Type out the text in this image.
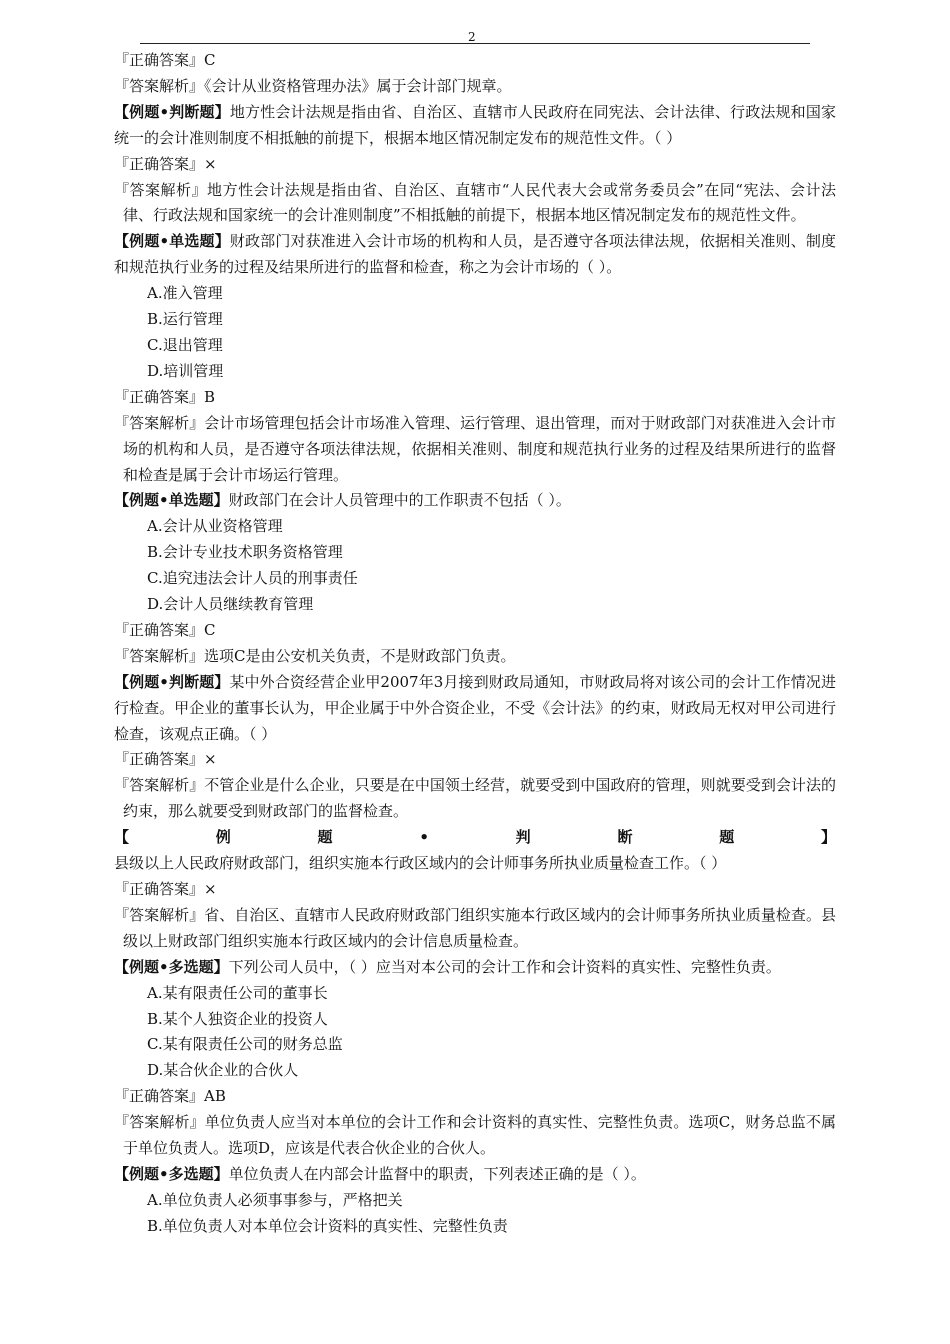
2

『正确答案』C

『答案解析』《会计从业资格管理办法》属于会计部门规章。

【例题•判断题】地方性会计法规是指由省、自治区、直辖市人民政府在同宪法、会计法律、行政法规和国家统一的会计准则制度不相抵触的前提下，根据本地区情况制定发布的规范性文件。（ ）

『正确答案』×

『答案解析』地方性会计法规是指由省、自治区、直辖市“人民代表大会或常务委员会”在同“宪法、会计法律、行政法规和国家统一的会计准则制度”不相抵触的前提下，根据本地区情况制定发布的规范性文件。

【例题•单选题】财政部门对获准进入会计市场的机构和人员，是否遵守各项法律法规，依据相关准则、制度和规范执行业务的过程及结果所进行的监督和检查，称之为会计市场的（ ）。

A.准入管理

B.运行管理

C.退出管理

D.培训管理

『正确答案』B

『答案解析』会计市场管理包括会计市场准入管理、运行管理、退出管理，而对于财政部门对获准进入会计市场的机构和人员，是否遵守各项法律法规，依据相关准则、制度和规范执行业务的过程及结果所进行的监督和检查是属于会计市场运行管理。

【例题•单选题】财政部门在会计人员管理中的工作职责不包括（ ）。

A.会计从业资格管理

B.会计专业技术职务资格管理

C.追究违法会计人员的刑事责任

D.会计人员继续教育管理

『正确答案』C

『答案解析』选项C是由公安机关负责，不是财政部门负责。

【例题•判断题】某中外合资经营企业甲2007年3月接到财政局通知，市财政局将对该公司的会计工作情况进行检查。甲企业的董事长认为，甲企业属于中外合资企业，不受《会计法》的约束，财政局无权对甲公司进行检查，该观点正确。（ ）

『正确答案』×

『答案解析』不管企业是什么企业，只要是在中国领土经营，就要受到中国政府的管理，则就要受到会计法的约束，那么就要受到财政部门的监督检查。

【例题•判断题】县级以上人民政府财政部门，组织实施本行政区域内的会计师事务所执业质量检查工作。（ ）

『正确答案』×

『答案解析』省、自治区、直辖市人民政府财政部门组织实施本行政区域内的会计师事务所执业质量检查。县级以上财政部门组织实施本行政区域内的会计信息质量检查。

【例题•多选题】下列公司人员中，（ ）应当对本公司的会计工作和会计资料的真实性、完整性负责。

A.某有限责任公司的董事长

B.某个人独资企业的投资人

C.某有限责任公司的财务总监

D.某合伙企业的合伙人

『正确答案』AB

『答案解析』单位负责人应当对本单位的会计工作和会计资料的真实性、完整性负责。选项C，财务总监不属于单位负责人。选项D，应该是代表合伙企业的合伙人。

【例题•多选题】单位负责人在内部会计监督中的职责，下列表述正确的是（ ）。

A.单位负责人必须事事参与，严格把关

B.单位负责人对本单位会计资料的真实性、完整性负责
